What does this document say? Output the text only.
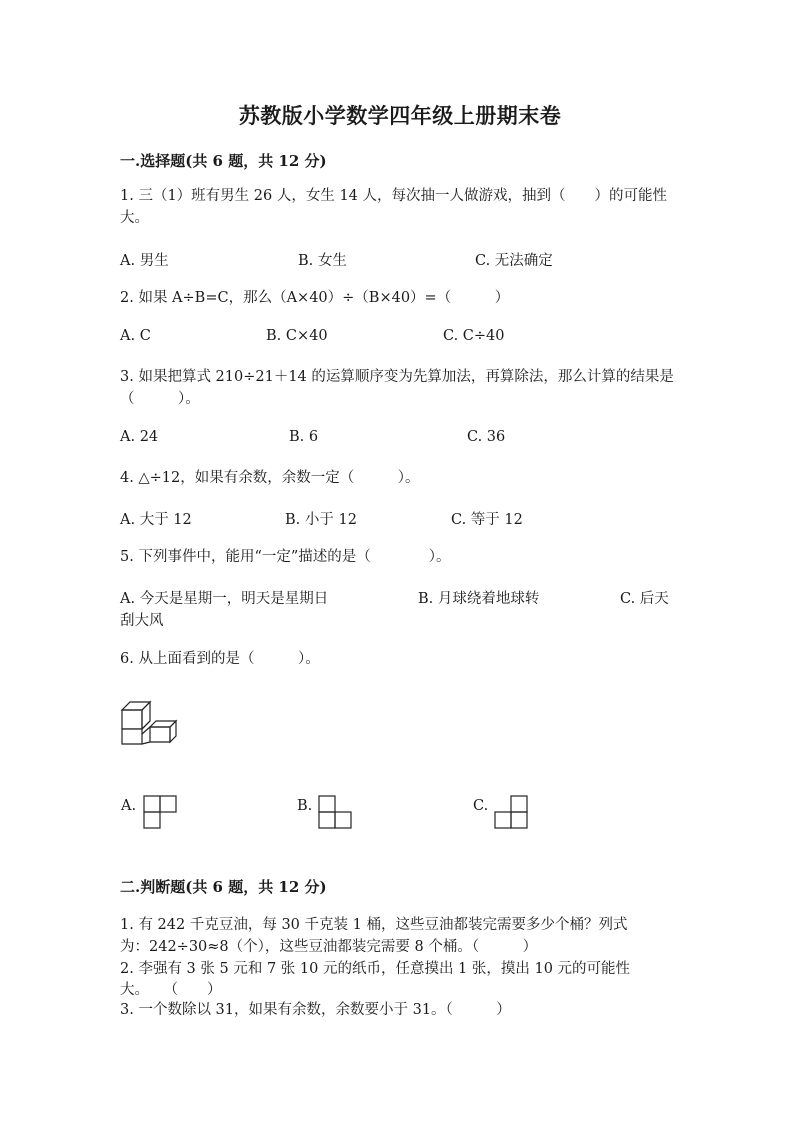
苏教版小学数学四年级上册期末卷
一.选择题(共 6 题，共 12 分)
1. 三（1）班有男生 26 人，女生 14 人，每次抽一人做游戏，抽到（　　）的可能性大。
A. 男生	B. 女生	C. 无法确定
2. 如果 A÷B=C，那么（A×40）÷（B×40）=（　　　）
A. C	B. C×40	C. C÷40
3. 如果把算式 210÷21＋14 的运算顺序变为先算加法，再算除法，那么计算的结果是（　　　）。
A. 24	B. 6	C. 36
4. △÷12，如果有余数，余数一定（　　　）。
A. 大于 12	B. 小于 12	C. 等于 12
5. 下列事件中，能用“一定”描述的是（　　　　）。
A. 今天是星期一，明天是星期日	B. 月球绕着地球转	C. 后天
刮大风
6. 从上面看到的是（　　　）。
A.	B.	C.
二.判断题(共 6 题，共 12 分)
1. 有 242 千克豆油，每 30 千克装 1 桶，这些豆油都装完需要多少个桶？列式
为：242÷30≈8（个），这些豆油都装完需要 8 个桶。（　　　）
2. 李强有 3 张 5 元和 7 张 10 元的纸币，任意摸出 1 张，摸出 10 元的可能性
大。　　（　　）
3. 一个数除以 31，如果有余数，余数要小于 31。（　　　）
